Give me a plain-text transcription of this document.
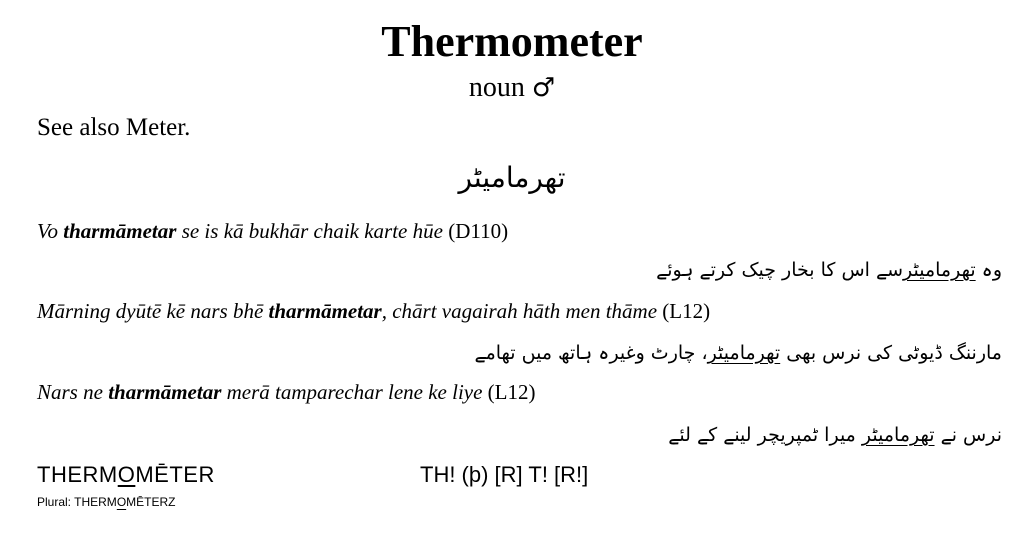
Thermometer
noun ♂
See also Meter.
تھرمامیٹر
Vo tharmāmetar se is kā bukhār chaik karte hūe (D110)
وہ تھرمامیٹرسے اس کا بخار چیک کرتے ہوئے
Mārning dyūtē kē nars bhē tharmāmetar, chārt vagairah hāth men thāme (L12)
مارننگ ڈیوٹی کی نرس بھی تھرمامیٹر، چارٹ وغیرہ ہاتھ میں تھامے
Nars ne tharmāmetar merā tamparechar lene ke liye (L12)
نرس نے تھرمامیٹر میرا ٹمپریچر لینے کے لئے
THERMOMĒTER	TH! (þ) [R] T! [R!]
Plural: THERMOMĒTERZ
